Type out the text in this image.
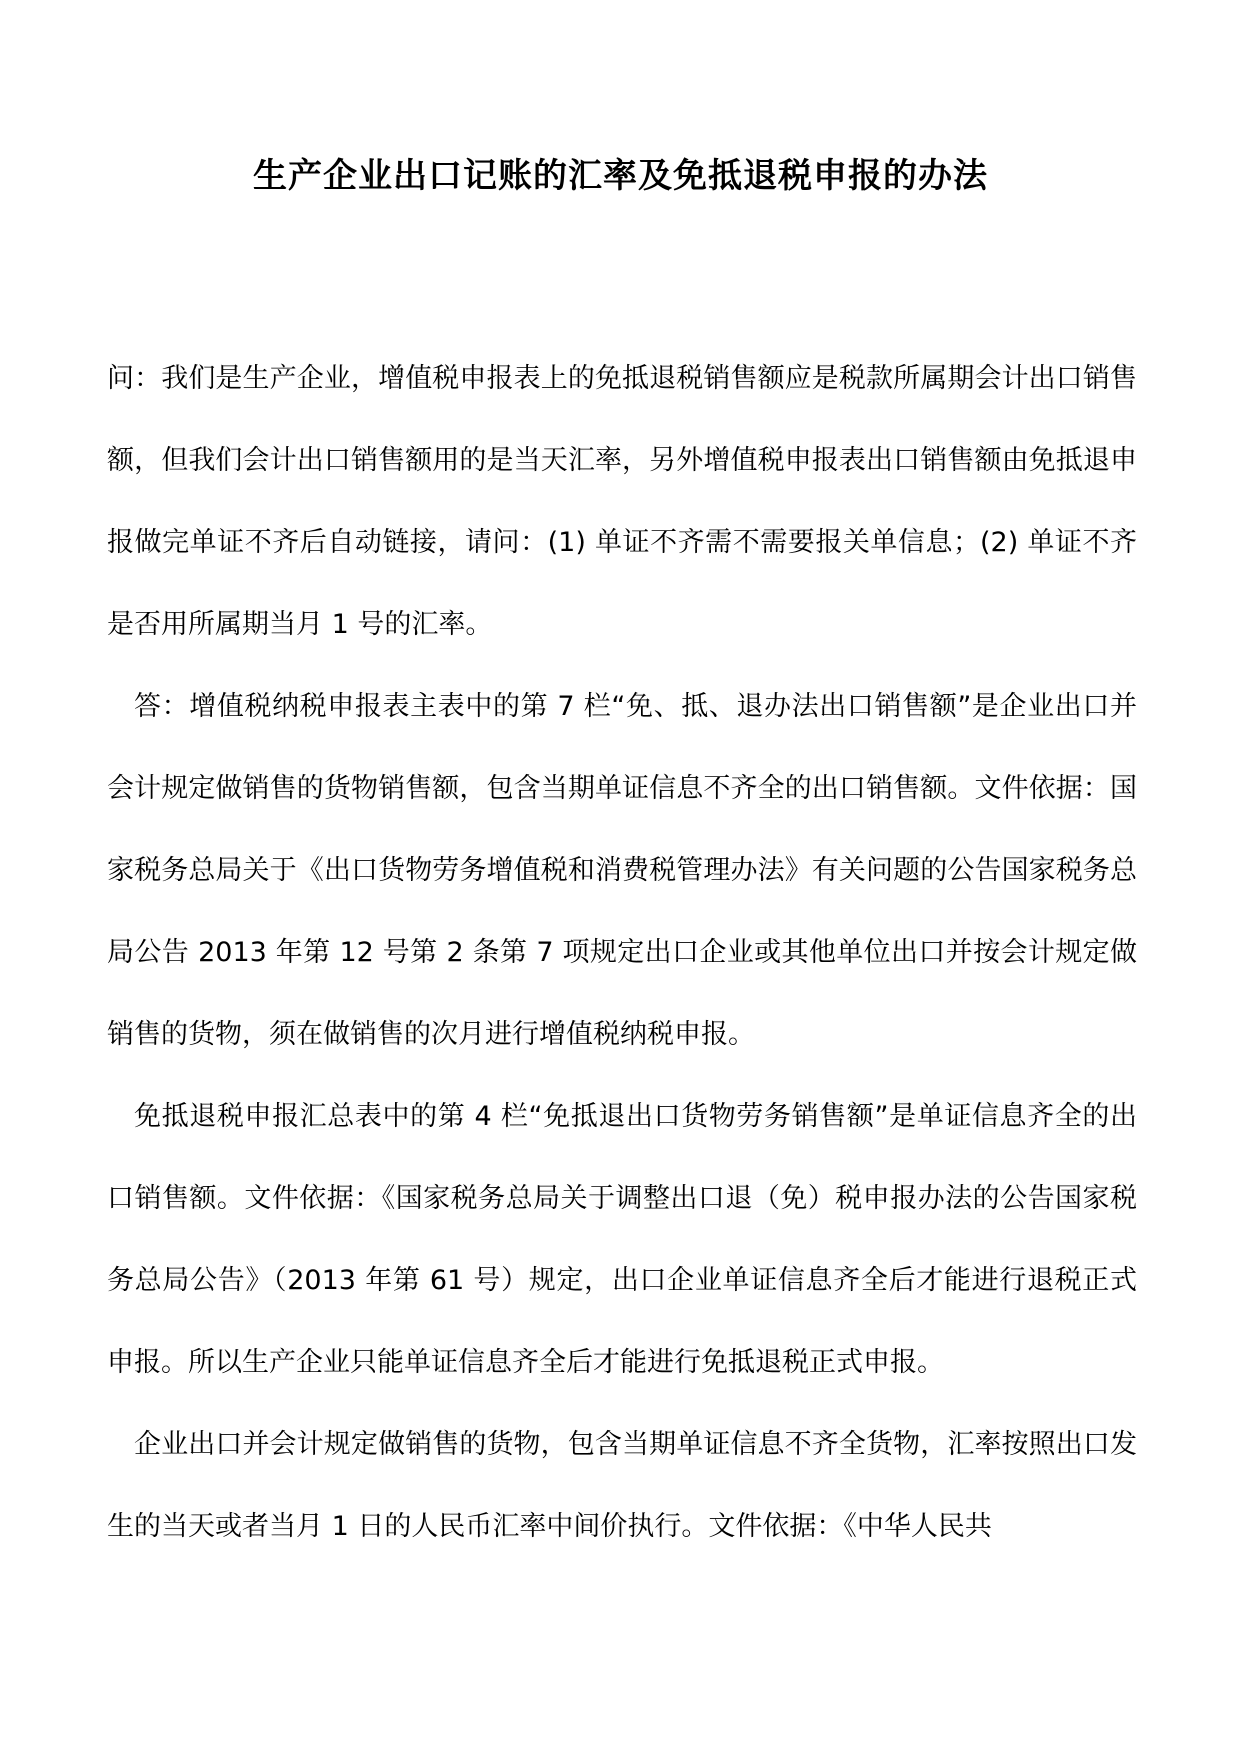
生产企业出口记账的汇率及免抵退税申报的办法

问：我们是生产企业，增值税申报表上的免抵退税销售额应是税款所属期会计出口销售额，但我们会计出口销售额用的是当天汇率，另外增值税申报表出口销售额由免抵退申报做完单证不齐后自动链接，请问：(1) 单证不齐需不需要报关单信息；(2) 单证不齐是否用所属期当月 1 号的汇率。

答：增值税纳税申报表主表中的第 7 栏“免、抵、退办法出口销售额”是企业出口并会计规定做销售的货物销售额，包含当期单证信息不齐全的出口销售额。文件依据：国家税务总局关于《出口货物劳务增值税和消费税管理办法》有关问题的公告国家税务总局公告 2013 年第 12 号第 2 条第 7 项规定出口企业或其他单位出口并按会计规定做销售的货物，须在做销售的次月进行增值税纳税申报。

免抵退税申报汇总表中的第 4 栏“免抵退出口货物劳务销售额”是单证信息齐全的出口销售额。文件依据：《国家税务总局关于调整出口退（免）税申报办法的公告国家税务总局公告》（2013 年第 61 号）规定，出口企业单证信息齐全后才能进行退税正式申报。所以生产企业只能单证信息齐全后才能进行免抵退税正式申报。

企业出口并会计规定做销售的货物，包含当期单证信息不齐全货物，汇率按照出口发生的当天或者当月 1 日的人民币汇率中间价执行。文件依据：《中华人民共
